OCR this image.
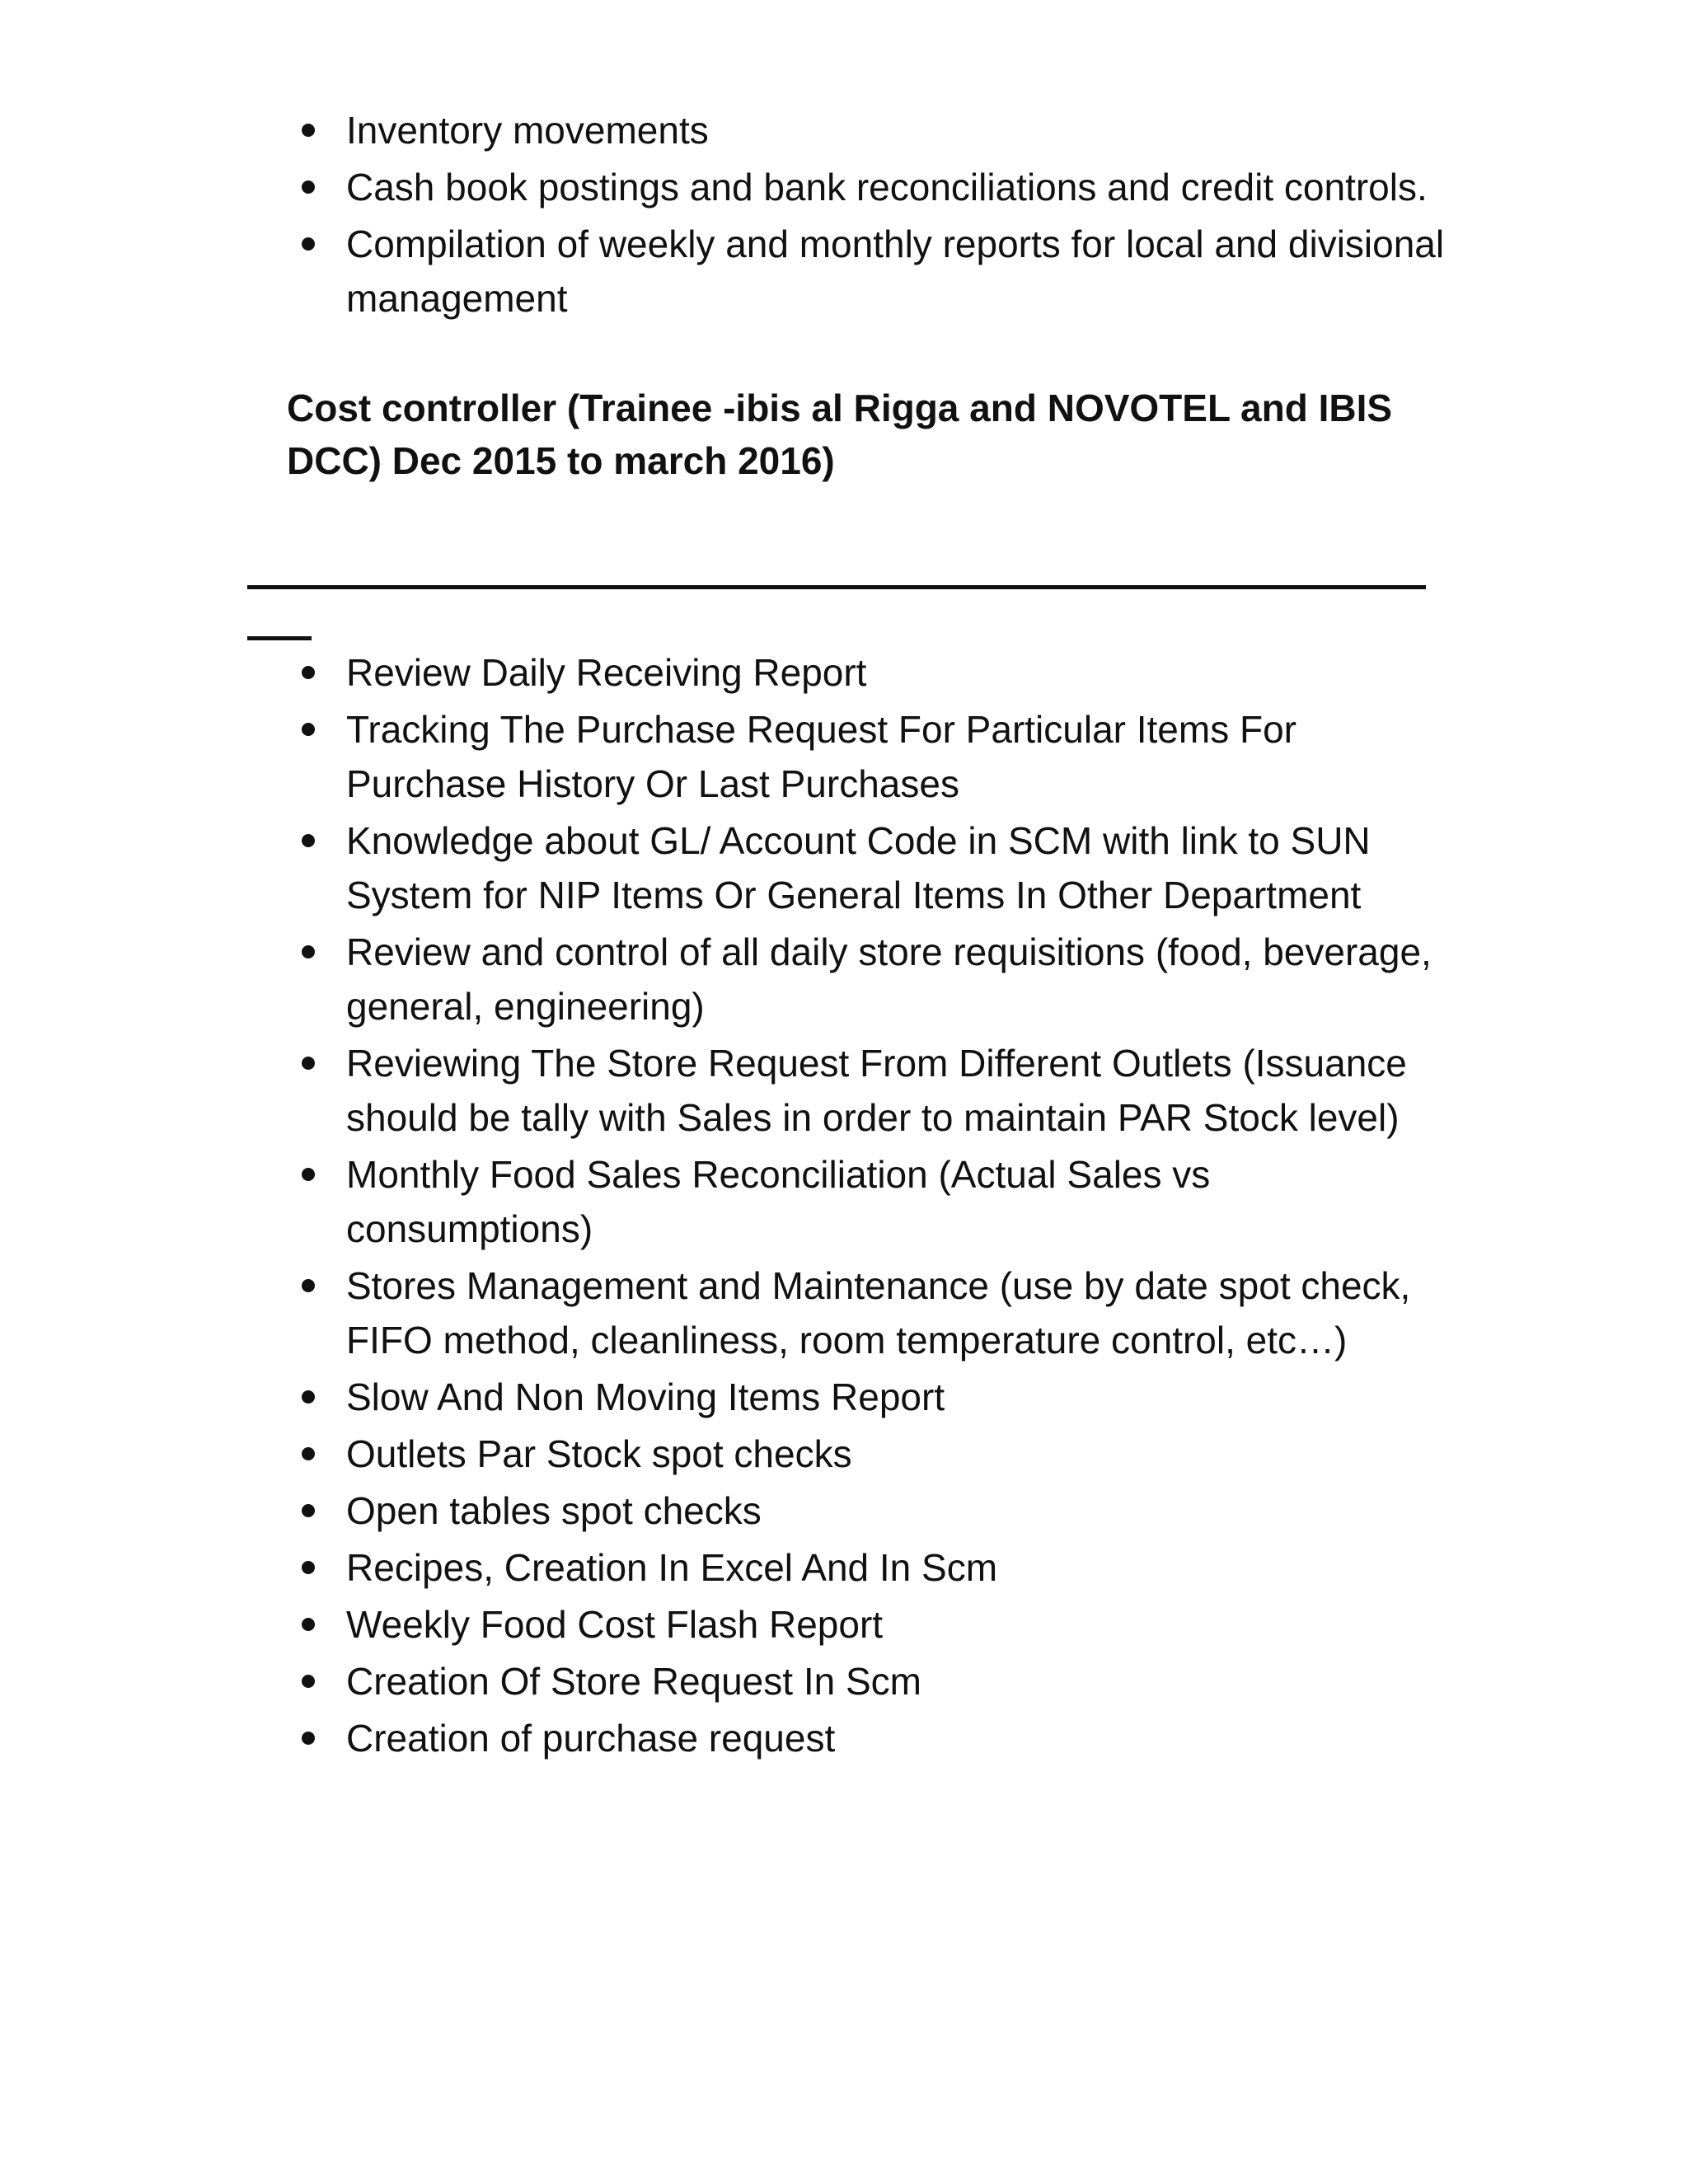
Inventory movements
Cash book postings and bank reconciliations and credit controls.
Compilation of weekly and monthly reports for local and divisional management
Cost controller (Trainee -ibis al Rigga and NOVOTEL and IBIS DCC) Dec 2015 to march 2016)
Review Daily Receiving Report
Tracking The Purchase Request For Particular Items For Purchase History Or Last Purchases
Knowledge about GL/ Account Code in SCM with link to SUN System for NIP Items Or General Items In Other Department
Review and control of all daily store requisitions (food, beverage, general, engineering)
Reviewing The Store Request From Different Outlets (Issuance should be tally with Sales in order to maintain PAR Stock level)
Monthly Food Sales Reconciliation (Actual Sales vs consumptions)
Stores Management and Maintenance (use by date spot check, FIFO method, cleanliness, room temperature control, etc…)
Slow And Non Moving Items Report
Outlets Par Stock spot checks
Open tables spot checks
Recipes, Creation In Excel And In Scm
Weekly Food Cost Flash Report
Creation Of Store Request In Scm
Creation of purchase request
